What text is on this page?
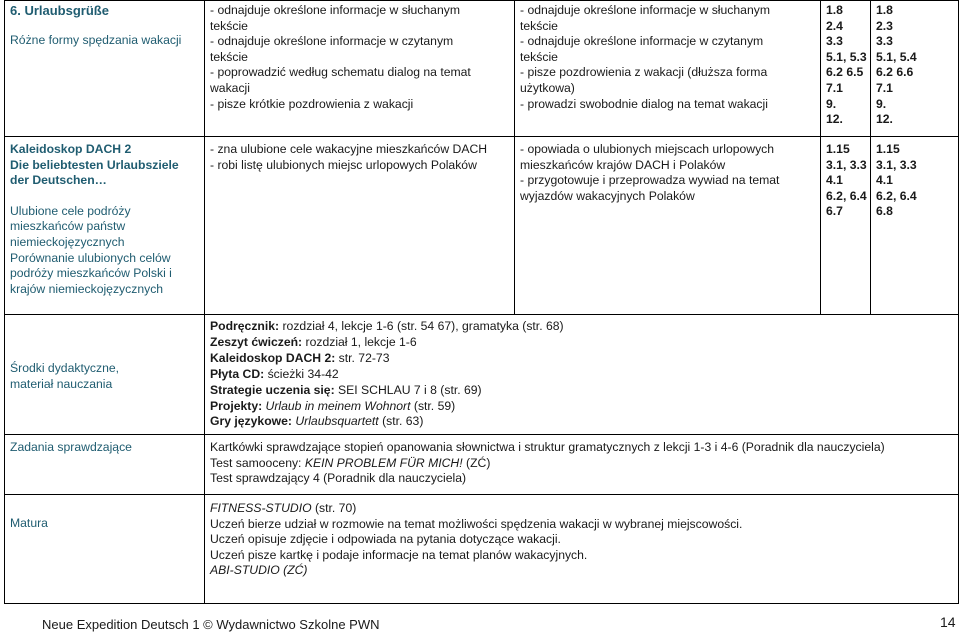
6. Urlaubsgrüße
Różne formy spędzania wakacji
Kaleidoskop DACH 2
Die beliebtesten Urlaubsziele
der Deutschen…
Ulubione cele podróży
mieszkańców państw
niemieckojęzycznych
Porównanie ulubionych celów
podróży mieszkańców Polski i
krajów niemieckojęzycznych
Środki dydaktyczne,
materiał nauczania
Zadania sprawdzające
Matura
- odnajduje określone informacje w słuchanym
tekście
- odnajduje określone informacje w czytanym
tekście
- poprowadzić według schematu dialog na temat
wakacji
- pisze krótkie pozdrowienia z wakacji
- odnajduje określone informacje w słuchanym
tekście
- odnajduje określone informacje w czytanym
tekście
- pisze pozdrowienia z wakacji (dłuższa forma
użytkowa)
- prowadzi swobodnie dialog na temat wakacji
1.8
2.4
3.3
5.1, 5.3
6.2 6.5
7.1
9.
12.
1.8
2.3
3.3
5.1, 5.4
6.2 6.6
7.1
9.
12.
- zna ulubione cele wakacyjne mieszkańców DACH
- robi listę ulubionych miejsc urlopowych Polaków
- opowiada o ulubionych miejscach urlopowych
mieszkańców krajów DACH i Polaków
- przygotowuje i przeprowadza wywiad na temat
wyjazdów wakacyjnych Polaków
1.15
3.1, 3.3
4.1
6.2, 6.4
6.7
1.15
3.1, 3.3
4.1
6.2, 6.4
6.8
Podręcznik: rozdział 4, lekcje 1-6 (str. 54 67), gramatyka (str. 68)
Zeszyt ćwiczeń: rozdział 1, lekcje 1-6
Kaleidoskop DACH 2: str. 72-73
Płyta CD: ścieżki 34-42
Strategie uczenia się: SEI SCHLAU 7 i 8 (str. 69)
Projekty: Urlaub in meinem Wohnort (str. 59)
Gry językowe: Urlaubsquartett (str. 63)
Kartkówki sprawdzające stopień opanowania słownictwa i struktur gramatycznych z lekcji 1-3 i 4-6 (Poradnik dla nauczyciela)
Test samooceny: KEIN PROBLEM FÜR MICH! (ZĆ)
Test sprawdzający 4 (Poradnik dla nauczyciela)
FITNESS-STUDIO (str. 70)
Uczeń bierze udział w rozmowie na temat możliwości spędzenia wakacji w wybranej miejscowości.
Uczeń opisuje zdjęcie i odpowiada na pytania dotyczące wakacji.
Uczeń pisze kartkę i podaje informacje na temat planów wakacyjnych.
ABI-STUDIO (ZĆ)
Neue Expedition Deutsch 1 © Wydawnictwo Szkolne PWN	14
